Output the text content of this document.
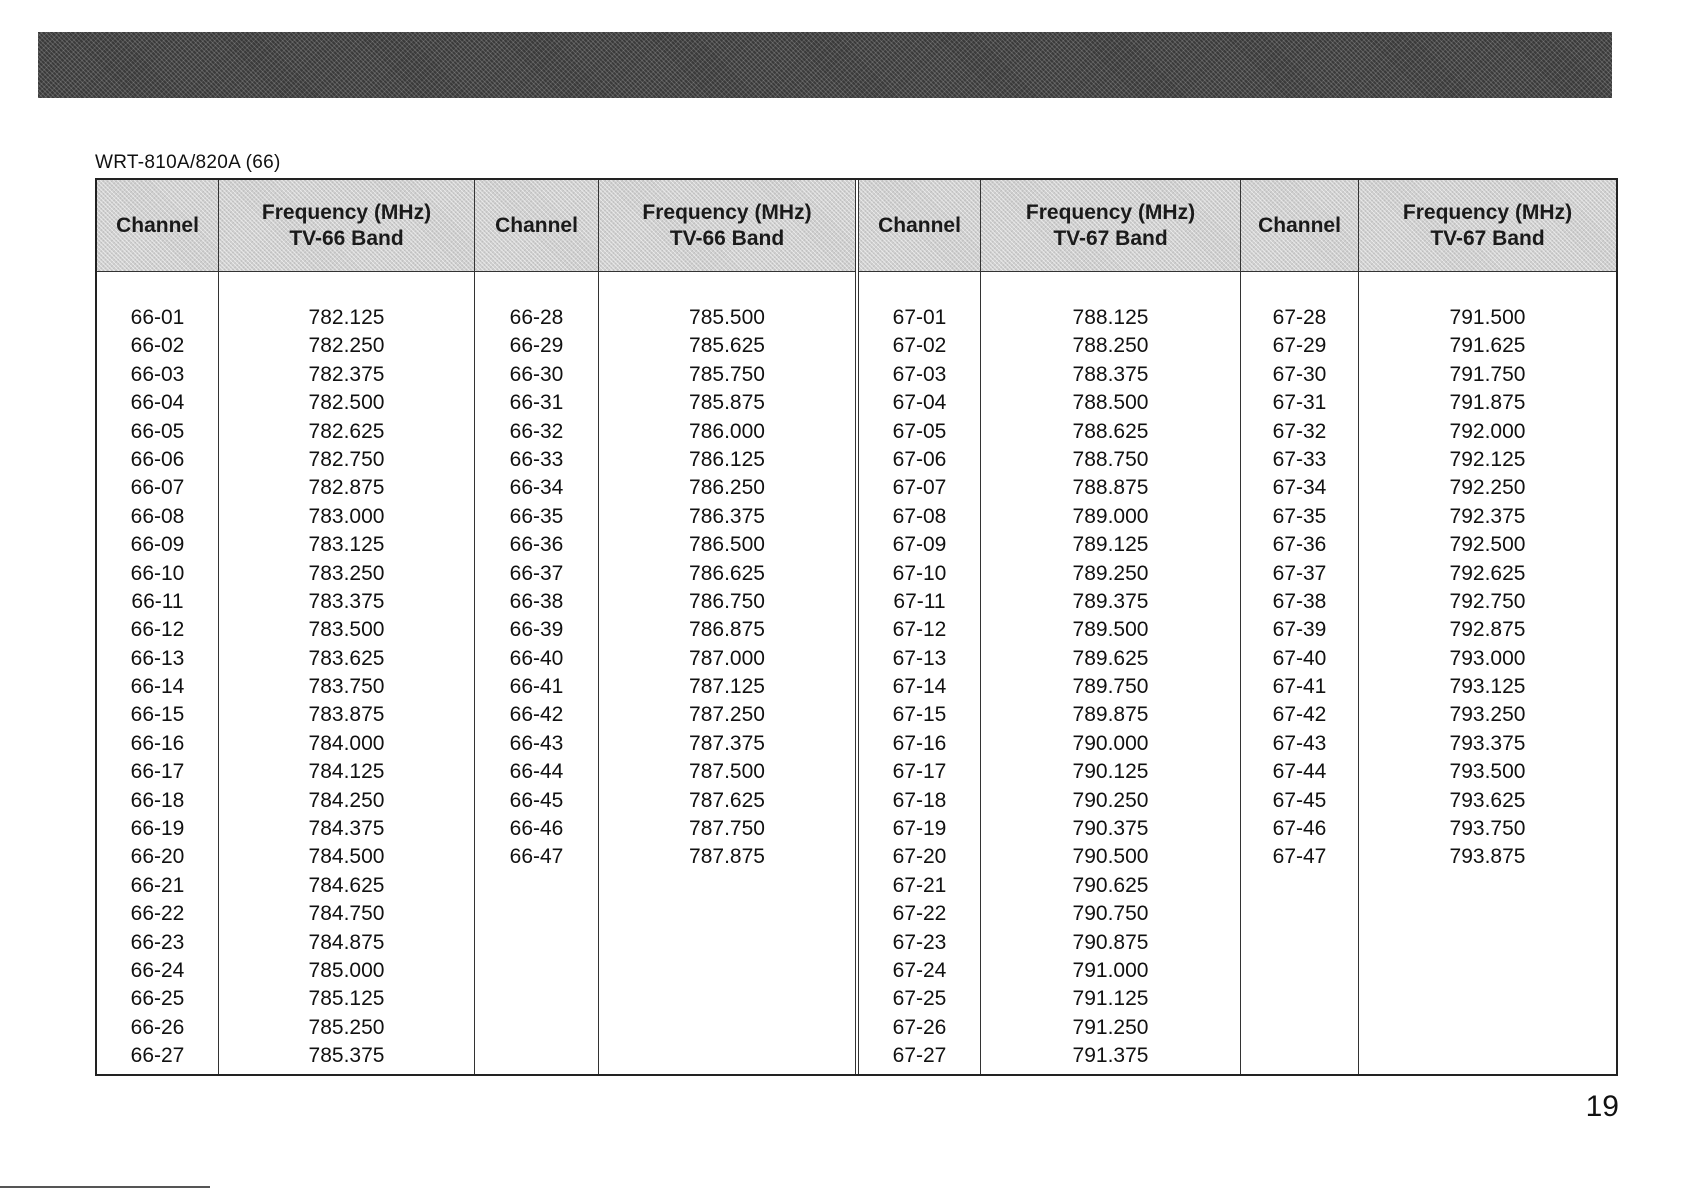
WRT-810A/820A (66)
Channel
66-01
66-02
66-03
66-04
66-05
66-06
66-07
66-08
66-09
66-10
66-11
66-12
66-13
66-14
66-15
66-16
66-17
66-18
66-19
66-20
66-21
66-22
66-23
66-24
66-25
66-26
66-27
Frequency (MHz)
TV-66 Band
782.125
782.250
782.375
782.500
782.625
782.750
782.875
783.000
783.125
783.250
783.375
783.500
783.625
783.750
783.875
784.000
784.125
784.250
784.375
784.500
784.625
784.750
784.875
785.000
785.125
785.250
785.375
Channel
66-28
66-29
66-30
66-31
66-32
66-33
66-34
66-35
66-36
66-37
66-38
66-39
66-40
66-41
66-42
66-43
66-44
66-45
66-46
66-47
Frequency (MHz)
TV-66 Band
785.500
785.625
785.750
785.875
786.000
786.125
786.250
786.375
786.500
786.625
786.750
786.875
787.000
787.125
787.250
787.375
787.500
787.625
787.750
787.875
Channel
67-01
67-02
67-03
67-04
67-05
67-06
67-07
67-08
67-09
67-10
67-11
67-12
67-13
67-14
67-15
67-16
67-17
67-18
67-19
67-20
67-21
67-22
67-23
67-24
67-25
67-26
67-27
Frequency (MHz)
TV-67 Band
788.125
788.250
788.375
788.500
788.625
788.750
788.875
789.000
789.125
789.250
789.375
789.500
789.625
789.750
789.875
790.000
790.125
790.250
790.375
790.500
790.625
790.750
790.875
791.000
791.125
791.250
791.375
Channel
67-28
67-29
67-30
67-31
67-32
67-33
67-34
67-35
67-36
67-37
67-38
67-39
67-40
67-41
67-42
67-43
67-44
67-45
67-46
67-47
Frequency (MHz)
TV-67 Band
791.500
791.625
791.750
791.875
792.000
792.125
792.250
792.375
792.500
792.625
792.750
792.875
793.000
793.125
793.250
793.375
793.500
793.625
793.750
793.875
19
